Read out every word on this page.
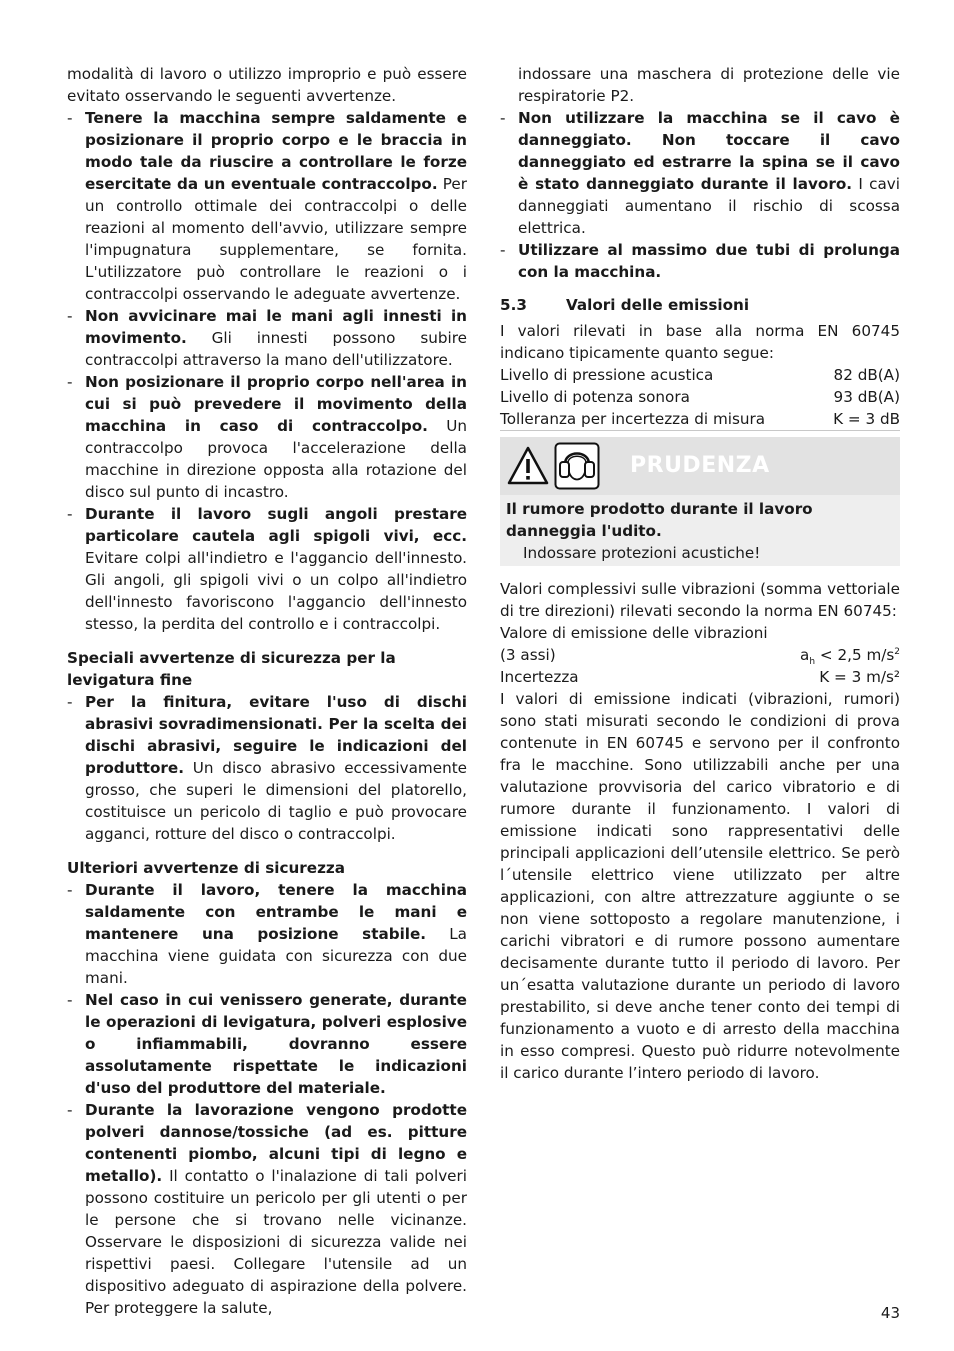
modalità di lavoro o utilizzo improprio e può essere evitato osservando le seguenti avvertenze.

- Tenere la macchina sempre saldamente e posizionare il proprio corpo e le braccia in modo tale da riuscire a controllare le forze esercitate da un eventuale contraccolpo. Per un controllo ottimale dei contraccolpi o delle reazioni al momento dell'avvio, utilizzare sempre l'impugnatura supplementare, se fornita. L'utilizzatore può controllare le reazioni o i contraccolpi osservando le adeguate avvertenze.
- Non avvicinare mai le mani agli innesti in movimento. Gli innesti possono subire contraccolpi attraverso la mano dell'utilizzatore.
- Non posizionare il proprio corpo nell'area in cui si può prevedere il movimento della macchina in caso di contraccolpo. Un contraccolpo provoca l'accelerazione della macchine in direzione opposta alla rotazione del disco sul punto di incastro.
- Durante il lavoro sugli angoli prestare particolare cautela agli spigoli vivi, ecc. Evitare colpi all'indietro e l'aggancio dell'innesto. Gli angoli, gli spigoli vivi o un colpo all'indietro dell'innesto favoriscono l'aggancio dell'innesto stesso, la perdita del controllo e i contraccolpi.

Speciali avvertenze di sicurezza per la levigatura fine

- Per la finitura, evitare l'uso di dischi abrasivi sovradimensionati. Per la scelta dei dischi abrasivi, seguire le indicazioni del produttore. Un disco abrasivo eccessivamente grosso, che superi le dimensioni del platorello, costituisce un pericolo di taglio e può provocare agganci, rotture del disco o contraccolpi.

Ulteriori avvertenze di sicurezza

- Durante il lavoro, tenere la macchina saldamente con entrambe le mani e mantenere una posizione stabile. La macchina viene guidata con sicurezza con due mani.
- Nel caso in cui venissero generate, durante le operazioni di levigatura, polveri esplosive o infiammabili, dovranno essere assolutamente rispettate le indicazioni d'uso del produttore del materiale.
- Durante la lavorazione vengono prodotte polveri dannose/tossiche (ad es. pitture contenenti piombo, alcuni tipi di legno e metallo). Il contatto o l'inalazione di tali polveri possono costituire un pericolo per gli utenti o per le persone che si trovano nelle vicinanze. Osservare le disposizioni di sicurezza valide nei rispettivi paesi. Collegare l'utensile ad un dispositivo adeguato di aspirazione della polvere. Per proteggere la salute,

indossare una maschera di protezione delle vie respiratorie P2.

- Non utilizzare la macchina se il cavo è danneggiato. Non toccare il cavo danneggiato ed estrarre la spina se il cavo è stato danneggiato durante il lavoro. I cavi danneggiati aumentano il rischio di scossa elettrica.
- Utilizzare al massimo due tubi di prolunga con la macchina.
5.3	Valori delle emissioni

I valori rilevati in base alla norma EN 60745 indicano tipicamente quanto segue:

Livello di pressione acustica	82 dB(A)
Livello di potenza sonora	93 dB(A)
Tolleranza per incertezza di misura	K = 3 dB
PRUDENZA

Il rumore prodotto durante il lavoro danneggia l'udito.

Indossare protezioni acustiche!

Valori complessivi sulle vibrazioni (somma vettoriale di tre direzioni) rilevati secondo la norma EN 60745:

Valore di emissione delle vibrazioni

(3 assi)	$a_h < 2,5$ $m/s^2$
Incertezza	K = 3 m/s²

I valori di emissione indicati (vibrazioni, rumori) sono stati misurati secondo le condizioni di prova contenute in EN 60745 e servono per il confronto fra le macchine. Sono utilizzabili anche per una valutazione provvisoria del carico vibratorio e di rumore durante il funzionamento. I valori di emissione indicati sono rappresentativi delle principali applicazioni dell’utensile elettrico. Se però l´utensile elettrico viene utilizzato per altre applicazioni, con altre attrezzature aggiunte o se non viene sottoposto a regolare manutenzione, i carichi vibratori e di rumore possono aumentare decisamente durante tutto il periodo di lavoro. Per un´esatta valutazione durante un periodo di lavoro prestabilito, si deve anche tener conto dei tempi di funzionamento a vuoto e di arresto della macchina in esso compresi. Questo può ridurre notevolmente il carico durante l’intero periodo di lavoro.

43
